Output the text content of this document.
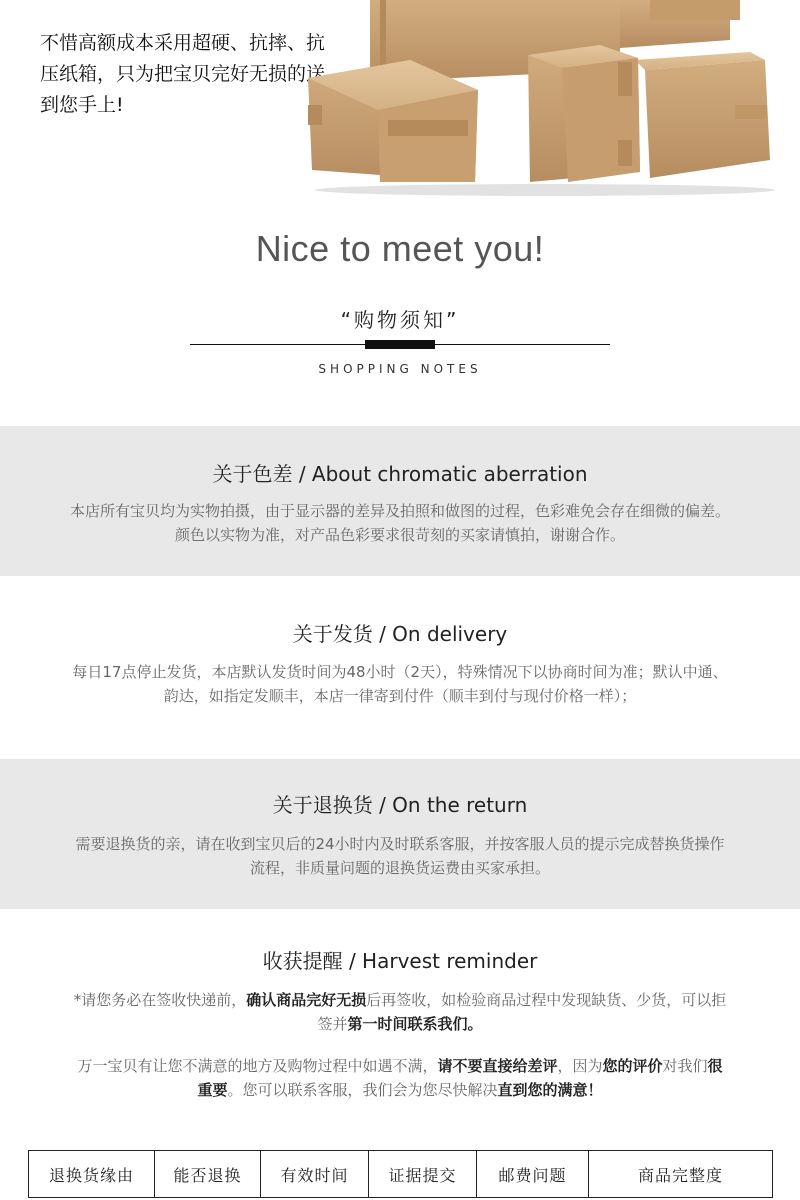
不惜高额成本采用超硬、抗摔、抗压纸箱，只为把宝贝完好无损的送到您手上!
Nice to meet you!
“购物须知”
SHOPPING NOTES
关于色差 / About chromatic aberration
本店所有宝贝均为实物拍摄，由于显示器的差异及拍照和做图的过程，色彩难免会存在细微的偏差。颜色以实物为准，对产品色彩要求很苛刻的买家请慎拍，谢谢合作。
关于发货 / On delivery
每日17点停止发货，本店默认发货时间为48小时（2天），特殊情况下以协商时间为准；默认中通、韵达，如指定发顺丰，本店一律寄到付件（顺丰到付与现付价格一样）；
关于退换货 / On the return
需要退换货的亲，请在收到宝贝后的24小时内及时联系客服，并按客服人员的提示完成替换货操作流程，非质量问题的退换货运费由买家承担。
收获提醒 / Harvest reminder
*请您务必在签收快递前，确认商品完好无损后再签收，如检验商品过程中发现缺货、少货，可以拒签并第一时间联系我们。
万一宝贝有让您不满意的地方及购物过程中如遇不满，请不要直接给差评，因为您的评价对我们很重要。您可以联系客服，我们会为您尽快解决直到您的满意！
退换货缘由	能否退换	有效时间	证据提交	邮费问题	商品完整度
